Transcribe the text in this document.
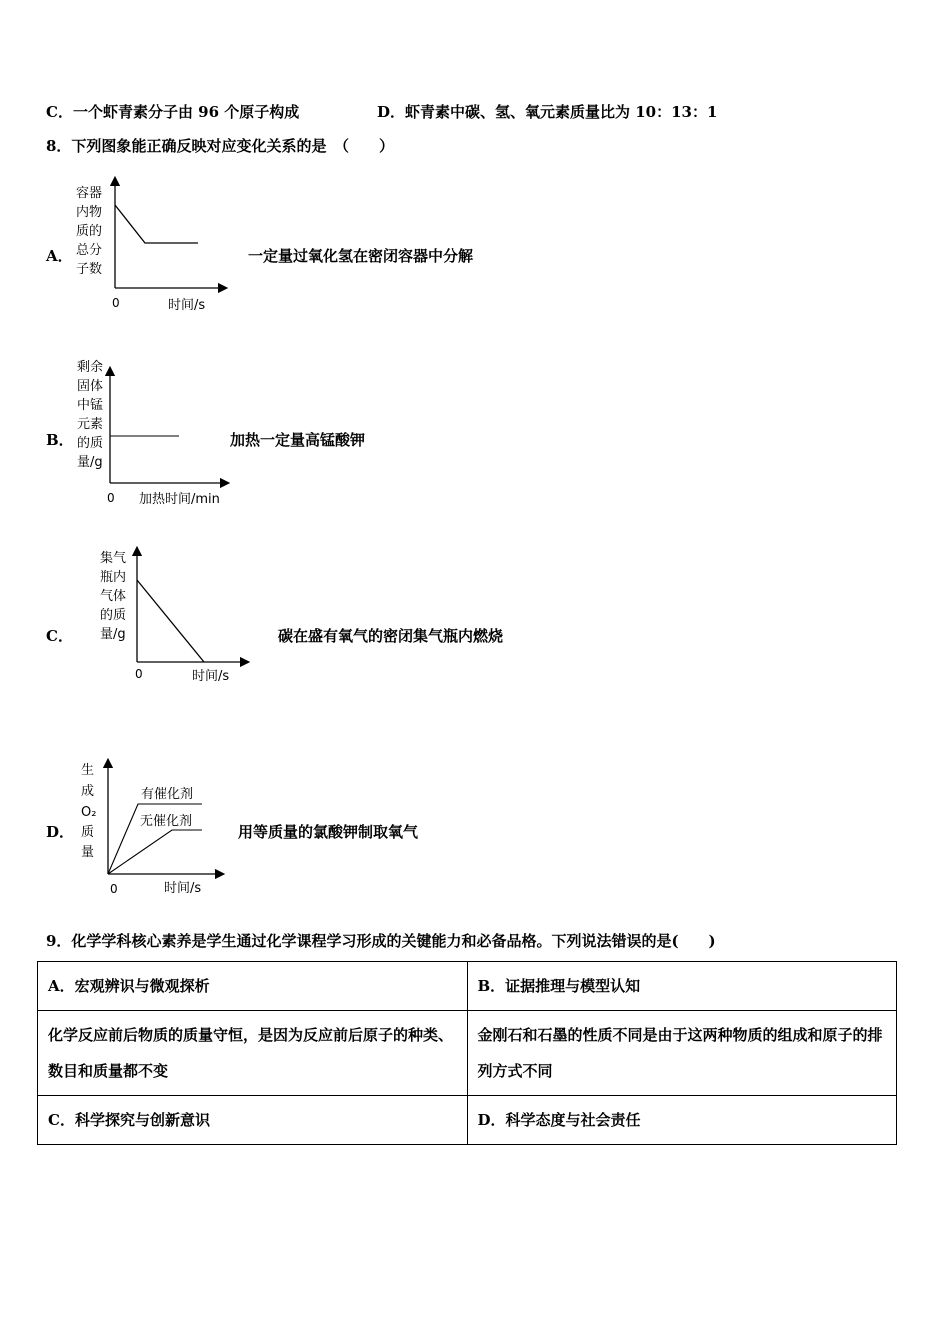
C．一个虾青素分子由 96 个原子构成	D．虾青素中碳、氢、氧元素质量比为 10：13：1
8．下列图象能正确反映对应变化关系的是　（　　）
A．
容器
内物
质的
总分
子数
0	时间/s
一定量过氧化氢在密闭容器中分解
B．
剩余
固体
中锰
元素
的质
量/g
0 加热时间/min
加热一定量高锰酸钾
C．
集气
瓶内
气体
的质
量/g
0	时间/s
碳在盛有氧气的密闭集气瓶内燃烧
D．
有催化剂
无催化剂
生
成
O₂
质
量
0	时间/s
用等质量的氯酸钾制取氧气
9．化学学科核心素养是学生通过化学课程学习形成的关键能力和必备品格。下列说法错误的是(　　)
A．宏观辨识与微观探析	B．证据推理与模型认知
化学反应前后物质的质量守恒，是因为反应前后原子的种类、数目和质量都不变	金刚石和石墨的性质不同是由于这两种物质的组成和原子的排列方式不同
C．科学探究与创新意识	D．科学态度与社会责任
